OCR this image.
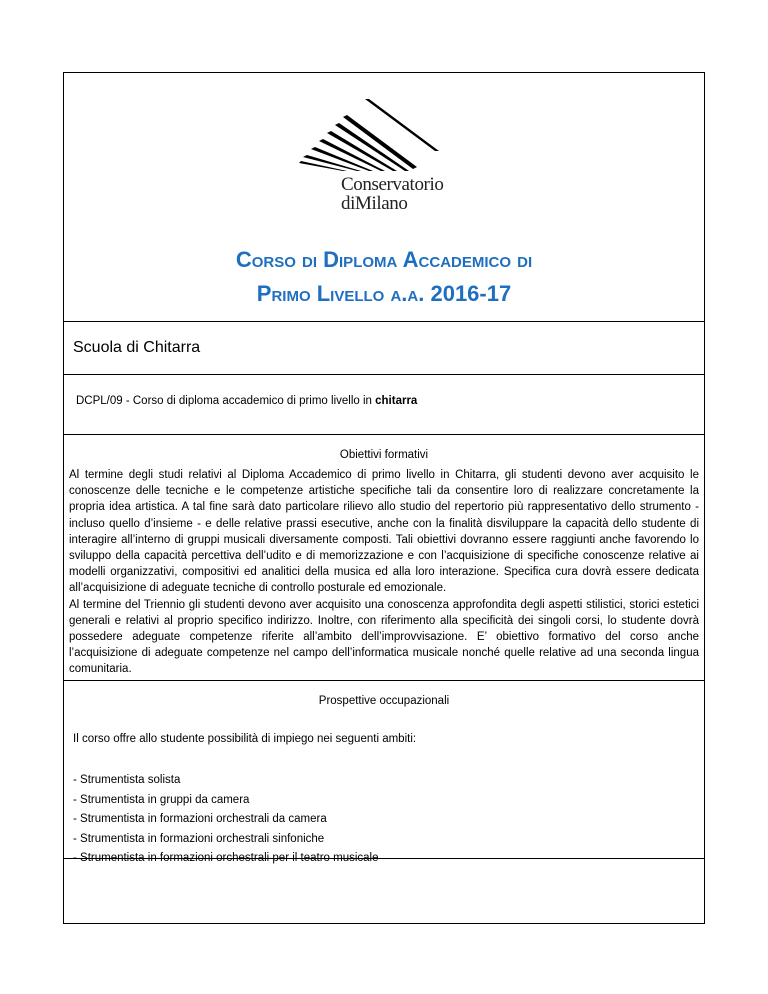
Conservatorio
diMilano
Corso di Diploma Accademico di
Primo Livello a.a. 2016-17
Scuola di Chitarra
DCPL/09 - Corso di diploma accademico di primo livello in chitarra
Obiettivi formativi

Al termine degli studi relativi al Diploma Accademico di primo livello in Chitarra, gli studenti devono aver acquisito le conoscenze delle tecniche e le competenze artistiche specifiche tali da consentire loro di realizzare concretamente la propria idea artistica. A tal fine sarà dato particolare rilievo allo studio del repertorio più rappresentativo dello strumento - incluso quello d’insieme - e delle relative prassi esecutive, anche con la finalità disviluppare la capacità dello studente di interagire all’interno di gruppi musicali diversamente composti. Tali obiettivi dovranno essere raggiunti anche favorendo lo sviluppo della capacità percettiva dell’udito e di memorizzazione e con l’acquisizione di specifiche conoscenze relative ai modelli organizzativi, compositivi ed analitici della musica ed alla loro interazione. Specifica cura dovrà essere dedicata all’acquisizione di adeguate tecniche di controllo posturale ed emozionale.

Al termine del Triennio gli studenti devono aver acquisito una conoscenza approfondita degli aspetti stilistici, storici estetici generali e relativi al proprio specifico indirizzo. Inoltre, con riferimento alla specificità dei singoli corsi, lo studente dovrà possedere adeguate competenze riferite all’ambito dell’improvvisazione. E’ obiettivo formativo del corso anche l’acquisizione di adeguate competenze nel campo dell’informatica musicale nonché quelle relative ad una seconda lingua comunitaria.

Prospettive occupazionali
Il corso offre allo studente possibilità di impiego nei seguenti ambiti:
- Strumentista solista
- Strumentista in gruppi da camera
- Strumentista in formazioni orchestrali da camera
- Strumentista in formazioni orchestrali sinfoniche
- Strumentista in formazioni orchestrali per il teatro musicale
